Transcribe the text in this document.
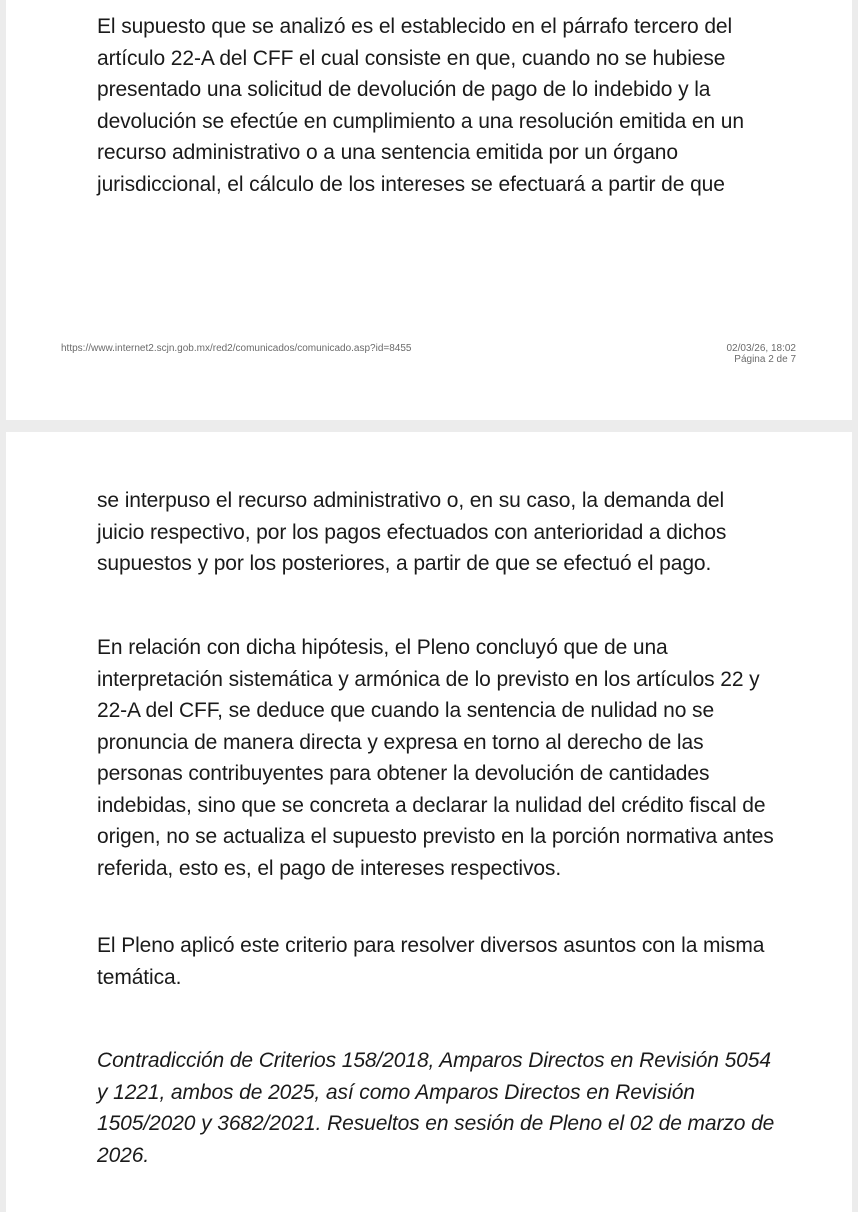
El supuesto que se analizó es el establecido en el párrafo tercero del artículo 22-A del CFF el cual consiste en que, cuando no se hubiese presentado una solicitud de devolución de pago de lo indebido y la devolución se efectúe en cumplimiento a una resolución emitida en un recurso administrativo o a una sentencia emitida por un órgano jurisdiccional, el cálculo de los intereses se efectuará a partir de que

https://www.internet2.scjn.gob.mx/red2/comunicados/comunicado.asp?id=8455	02/03/26, 18:02
Página 2 de 7

se interpuso el recurso administrativo o, en su caso, la demanda del juicio respectivo, por los pagos efectuados con anterioridad a dichos supuestos y por los posteriores, a partir de que se efectuó el pago.

En relación con dicha hipótesis, el Pleno concluyó que de una interpretación sistemática y armónica de lo previsto en los artículos 22 y 22-A del CFF, se deduce que cuando la sentencia de nulidad no se pronuncia de manera directa y expresa en torno al derecho de las personas contribuyentes para obtener la devolución de cantidades indebidas, sino que se concreta a declarar la nulidad del crédito fiscal de origen, no se actualiza el supuesto previsto en la porción normativa antes referida, esto es, el pago de intereses respectivos.

El Pleno aplicó este criterio para resolver diversos asuntos con la misma temática.

Contradicción de Criterios 158/2018, Amparos Directos en Revisión 5054 y 1221, ambos de 2025, así como Amparos Directos en Revisión 1505/2020 y 3682/2021. Resueltos en sesión de Pleno el 02 de marzo de 2026.
